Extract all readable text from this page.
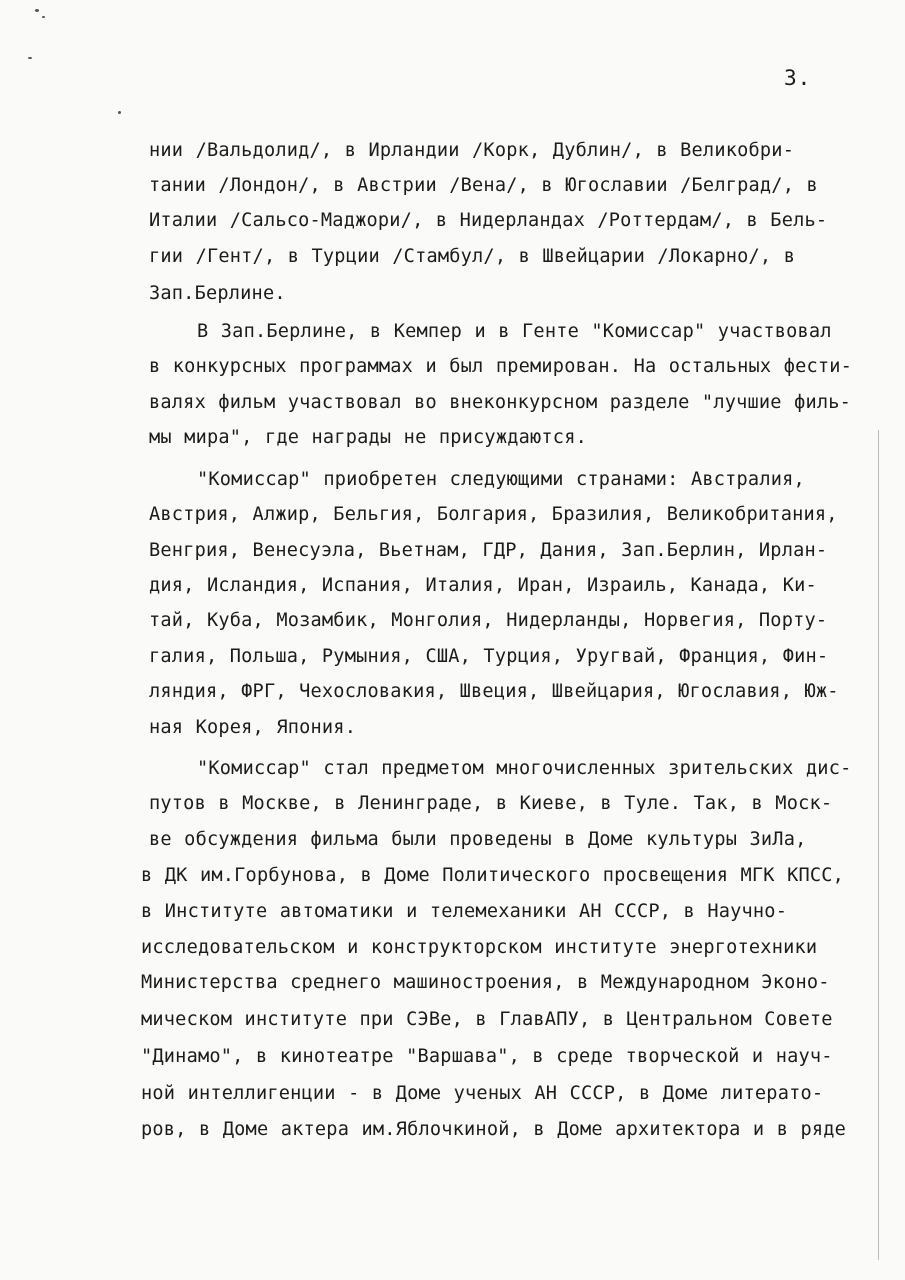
3.
нии /Вальдолид/, в Ирландии /Корк, Дублин/, в Великобри-
тании /Лондон/, в Австрии /Вена/, в Югославии /Белград/, в
Италии /Сальсо-Маджори/, в Нидерландах /Роттердам/, в Бель-
гии /Гент/, в Турции /Стамбул/, в Швейцарии /Локарно/, в
Зап.Берлине.
В Зап.Берлине, в Кемпер и в Генте "Комиссар" участвовал
в конкурсных программах и был премирован. На остальных фести-
валях фильм участвовал во внеконкурсном разделе "лучшие филь-
мы мира", где награды не присуждаются.
"Комиссар" приобретен следующими странами: Австралия,
Австрия, Алжир, Бельгия, Болгария, Бразилия, Великобритания,
Венгрия, Венесуэла, Вьетнам, ГДР, Дания, Зап.Берлин, Ирлан-
дия, Исландия, Испания, Италия, Иран, Израиль, Канада, Ки-
тай, Куба, Мозамбик, Монголия, Нидерланды, Норвегия, Порту-
галия, Польша, Румыния, США, Турция, Уругвай, Франция, Фин-
ляндия, ФРГ, Чехословакия, Швеция, Швейцария, Югославия, Юж-
ная Корея, Япония.
"Комиссар" стал предметом многочисленных зрительских дис-
путов в Москве, в Ленинграде, в Киеве, в Туле. Так, в Моск-
ве обсуждения фильма были проведены в Доме культуры ЗиЛа,
в ДК им.Горбунова, в Доме Политического просвещения МГК КПСС,
в Институте автоматики и телемеханики АН СССР, в Научно-
исследовательском и конструкторском институте энерготехники
Министерства среднего машиностроения, в Международном Эконо-
мическом институте при СЭВе, в ГлавАПУ, в Центральном Совете
"Динамо", в кинотеатре "Варшава", в среде творческой и науч-
ной интеллигенции - в Доме ученых АН СССР, в Доме литерато-
ров, в Доме актера им.Яблочкиной, в Доме архитектора и в ряде
